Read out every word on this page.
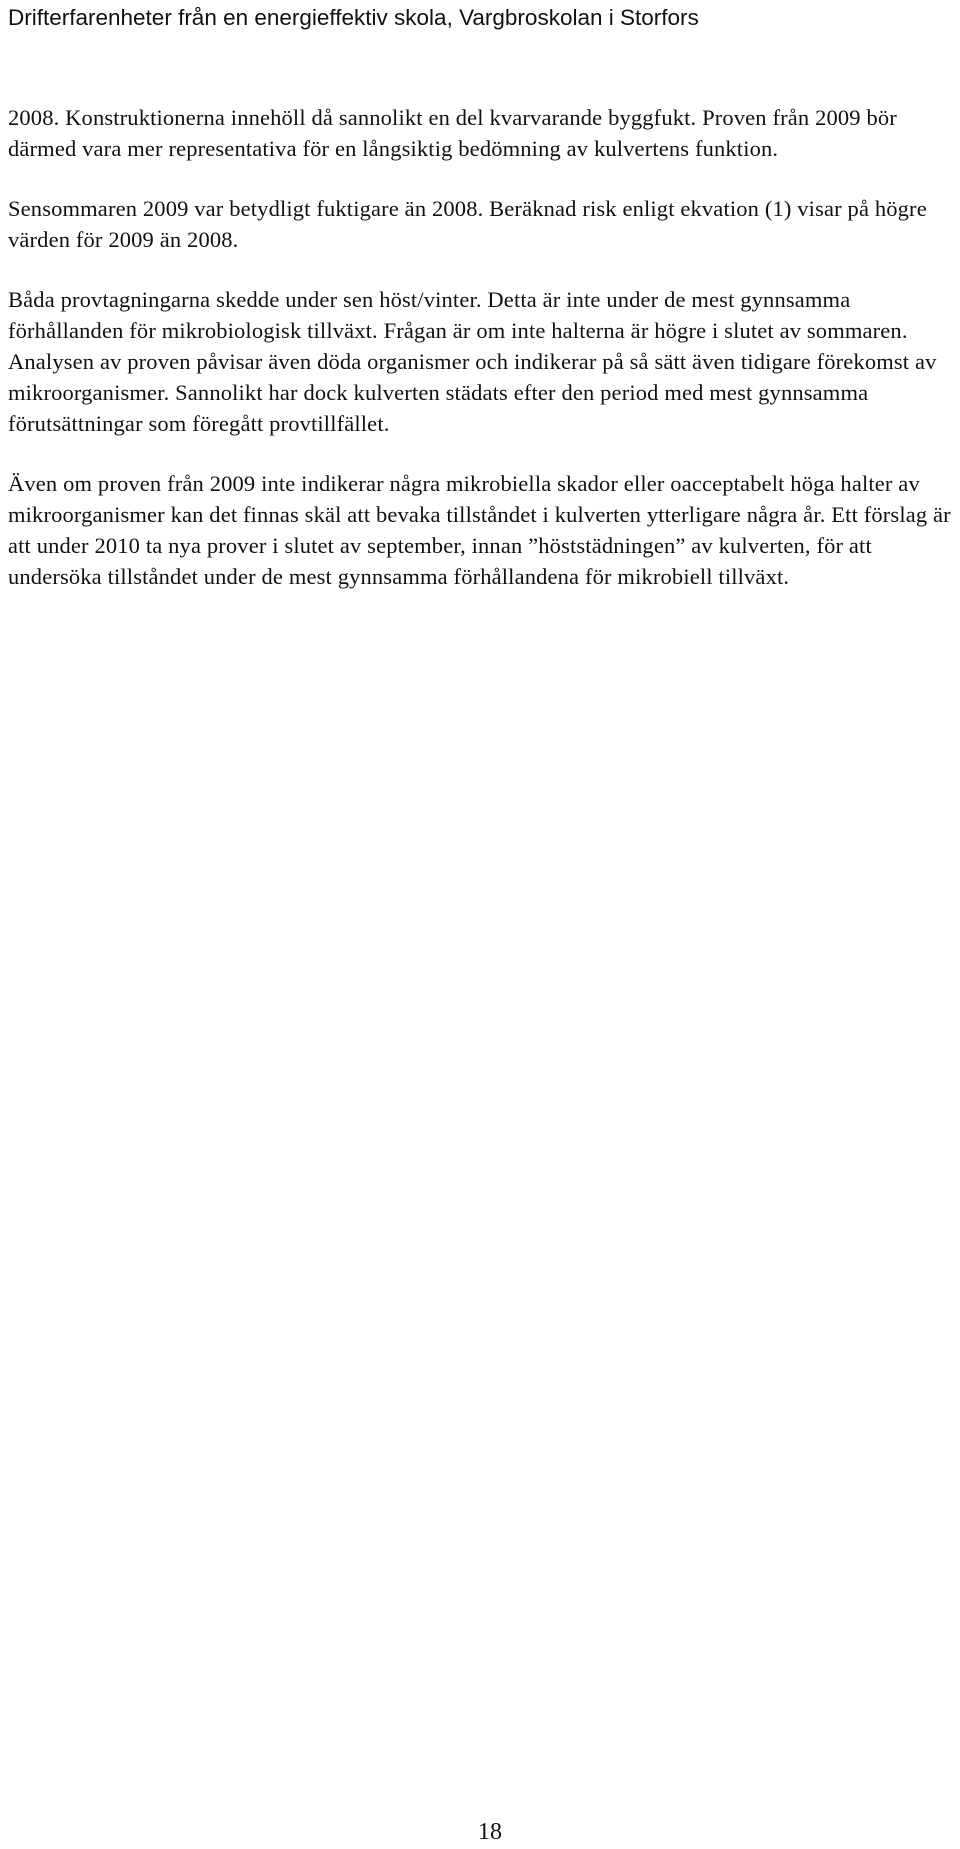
Drifterfarenheter från en energieffektiv skola, Vargbroskolan i Storfors

2008. Konstruktionerna innehöll då sannolikt en del kvarvarande byggfukt. Proven från 2009 bör därmed vara mer representativa för en långsiktig bedömning av kulvertens funktion.

Sensommaren 2009 var betydligt fuktigare än 2008. Beräknad risk enligt ekvation (1) visar på högre värden för 2009 än 2008.

Båda provtagningarna skedde under sen höst/vinter. Detta är inte under de mest gynnsamma förhållanden för mikrobiologisk tillväxt. Frågan är om inte halterna är högre i slutet av sommaren. Analysen av proven påvisar även döda organismer och indikerar på så sätt även tidigare förekomst av mikroorganismer. Sannolikt har dock kulverten städats efter den period med mest gynnsamma förutsättningar som föregått provtillfället.

Även om proven från 2009 inte indikerar några mikrobiella skador eller oacceptabelt höga halter av mikroorganismer kan det finnas skäl att bevaka tillståndet i kulverten ytterligare några år. Ett förslag är att under 2010 ta nya prover i slutet av september, innan ”höststädningen” av kulverten, för att undersöka tillståndet under de mest gynnsamma förhållandena för mikrobiell tillväxt.

18
